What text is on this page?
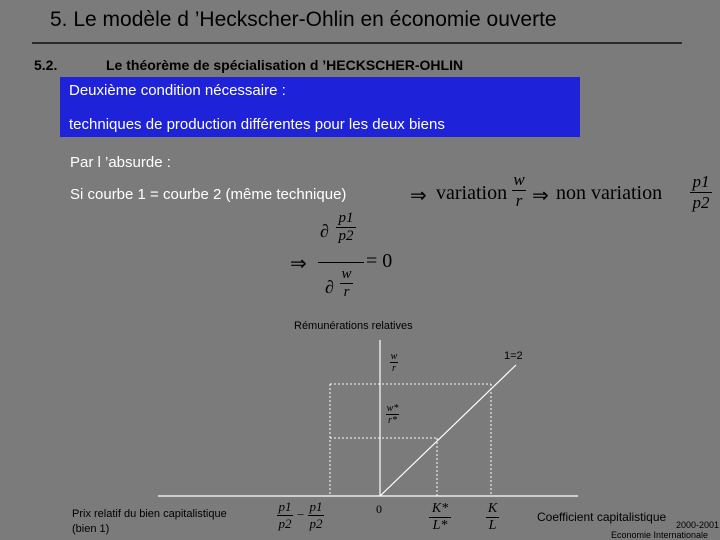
5. Le modèle d ’Heckscher-Ohlin en économie ouverte
5.2.	Le théorème de spécialisation d ’HECKSCHER-OHLIN
Deuxième condition nécessaire :
techniques de production différentes pour les deux biens
Par l ’absurde :
Si courbe 1 = courbe 2 (même technique)	⇒ variation
w
r ⇒ non variation
p1
p2
∂
p1
p2
⇒	= 0
∂
w
r
Rémunérations relatives
1=2
w
r
w*
r*
0	K*
L*
K
L
p1
p2
−
p1
p2
Prix relatif du bien capitalistique
(bien 1)
Coefficient capitalistique
2000-2001
Economie Internationale
